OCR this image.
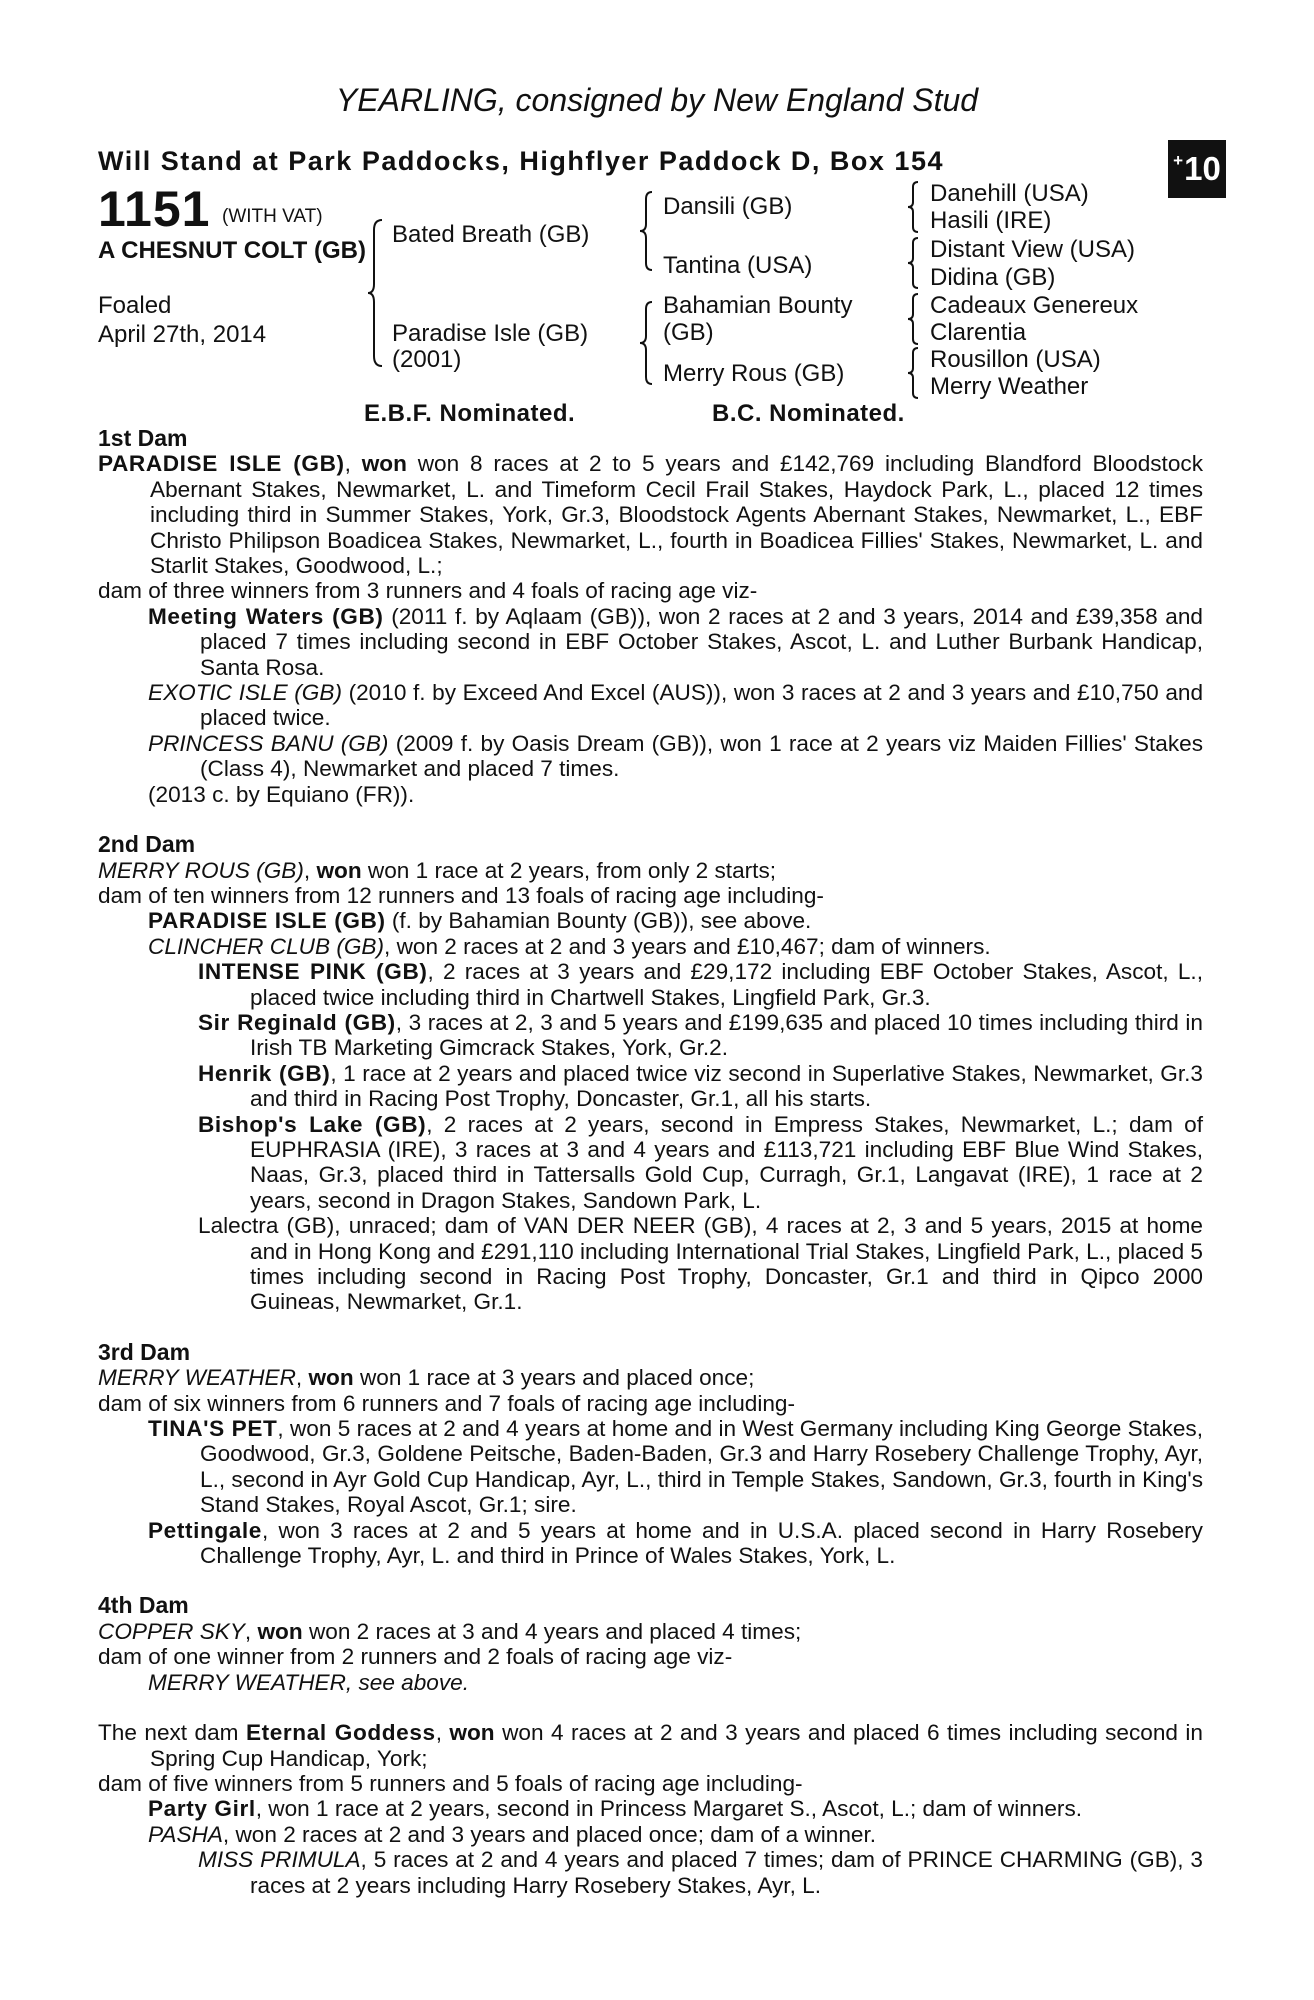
YEARLING, consigned by New England Stud
Will Stand at Park Paddocks, Highflyer Paddock D, Box 154	+ 10
1151 (WITH VAT)
A CHESNUT COLT (GB)
Foaled
April 27th, 2014
Bated Breath (GB)
Paradise Isle (GB)
(2001)
Dansili (GB)
Tantina (USA)
Bahamian Bounty
(GB)
Merry Rous (GB)
Danehill (USA)
Hasili (IRE)
Distant View (USA)
Didina (GB)
Cadeaux Genereux
Clarentia
Rousillon (USA)
Merry Weather
E.B.F. Nominated.	B.C. Nominated.

1st Dam

PARADISE ISLE (GB), won won 8 races at 2 to 5 years and £142,769 including Blandford Bloodstock Abernant Stakes, Newmarket, L. and Timeform Cecil Frail Stakes, Haydock Park, L., placed 12 times including third in Summer Stakes, York, Gr.3, Bloodstock Agents Abernant Stakes, Newmarket, L., EBF Christo Philipson Boadicea Stakes, Newmarket, L., fourth in Boadicea Fillies' Stakes, Newmarket, L. and Starlit Stakes, Goodwood, L.;

dam of three winners from 3 runners and 4 foals of racing age viz-

Meeting Waters (GB) (2011 f. by Aqlaam (GB)), won 2 races at 2 and 3 years, 2014 and £39,358 and placed 7 times including second in EBF October Stakes, Ascot, L. and Luther Burbank Handicap, Santa Rosa.

EXOTIC ISLE (GB) (2010 f. by Exceed And Excel (AUS)), won 3 races at 2 and 3 years and £10,750 and placed twice.

PRINCESS BANU (GB) (2009 f. by Oasis Dream (GB)), won 1 race at 2 years viz Maiden Fillies' Stakes (Class 4), Newmarket and placed 7 times.

(2013 c. by Equiano (FR)).

2nd Dam

MERRY ROUS (GB), won won 1 race at 2 years, from only 2 starts;

dam of ten winners from 12 runners and 13 foals of racing age including-

PARADISE ISLE (GB) (f. by Bahamian Bounty (GB)), see above.

CLINCHER CLUB (GB), won 2 races at 2 and 3 years and £10,467; dam of winners.

INTENSE PINK (GB), 2 races at 3 years and £29,172 including EBF October Stakes, Ascot, L., placed twice including third in Chartwell Stakes, Lingfield Park, Gr.3.

Sir Reginald (GB), 3 races at 2, 3 and 5 years and £199,635 and placed 10 times including third in Irish TB Marketing Gimcrack Stakes, York, Gr.2.

Henrik (GB), 1 race at 2 years and placed twice viz second in Superlative Stakes, Newmarket, Gr.3 and third in Racing Post Trophy, Doncaster, Gr.1, all his starts.

Bishop's Lake (GB), 2 races at 2 years, second in Empress Stakes, Newmarket, L.; dam of EUPHRASIA (IRE), 3 races at 3 and 4 years and £113,721 including EBF Blue Wind Stakes, Naas, Gr.3, placed third in Tattersalls Gold Cup, Curragh, Gr.1, Langavat (IRE), 1 race at 2 years, second in Dragon Stakes, Sandown Park, L.

Lalectra (GB), unraced; dam of VAN DER NEER (GB), 4 races at 2, 3 and 5 years, 2015 at home and in Hong Kong and £291,110 including International Trial Stakes, Lingfield Park, L., placed 5 times including second in Racing Post Trophy, Doncaster, Gr.1 and third in Qipco 2000 Guineas, Newmarket, Gr.1.

3rd Dam

MERRY WEATHER, won won 1 race at 3 years and placed once;

dam of six winners from 6 runners and 7 foals of racing age including-

TINA'S PET, won 5 races at 2 and 4 years at home and in West Germany including King George Stakes, Goodwood, Gr.3, Goldene Peitsche, Baden-Baden, Gr.3 and Harry Rosebery Challenge Trophy, Ayr, L., second in Ayr Gold Cup Handicap, Ayr, L., third in Temple Stakes, Sandown, Gr.3, fourth in King's Stand Stakes, Royal Ascot, Gr.1; sire.

Pettingale, won 3 races at 2 and 5 years at home and in U.S.A. placed second in Harry Rosebery Challenge Trophy, Ayr, L. and third in Prince of Wales Stakes, York, L.

4th Dam

COPPER SKY, won won 2 races at 3 and 4 years and placed 4 times;

dam of one winner from 2 runners and 2 foals of racing age viz-

MERRY WEATHER, see above.

The next dam Eternal Goddess, won won 4 races at 2 and 3 years and placed 6 times including second in Spring Cup Handicap, York;

dam of five winners from 5 runners and 5 foals of racing age including-

Party Girl, won 1 race at 2 years, second in Princess Margaret S., Ascot, L.; dam of winners.

PASHA, won 2 races at 2 and 3 years and placed once; dam of a winner.

MISS PRIMULA, 5 races at 2 and 4 years and placed 7 times; dam of PRINCE CHARMING (GB), 3 races at 2 years including Harry Rosebery Stakes, Ayr, L.
